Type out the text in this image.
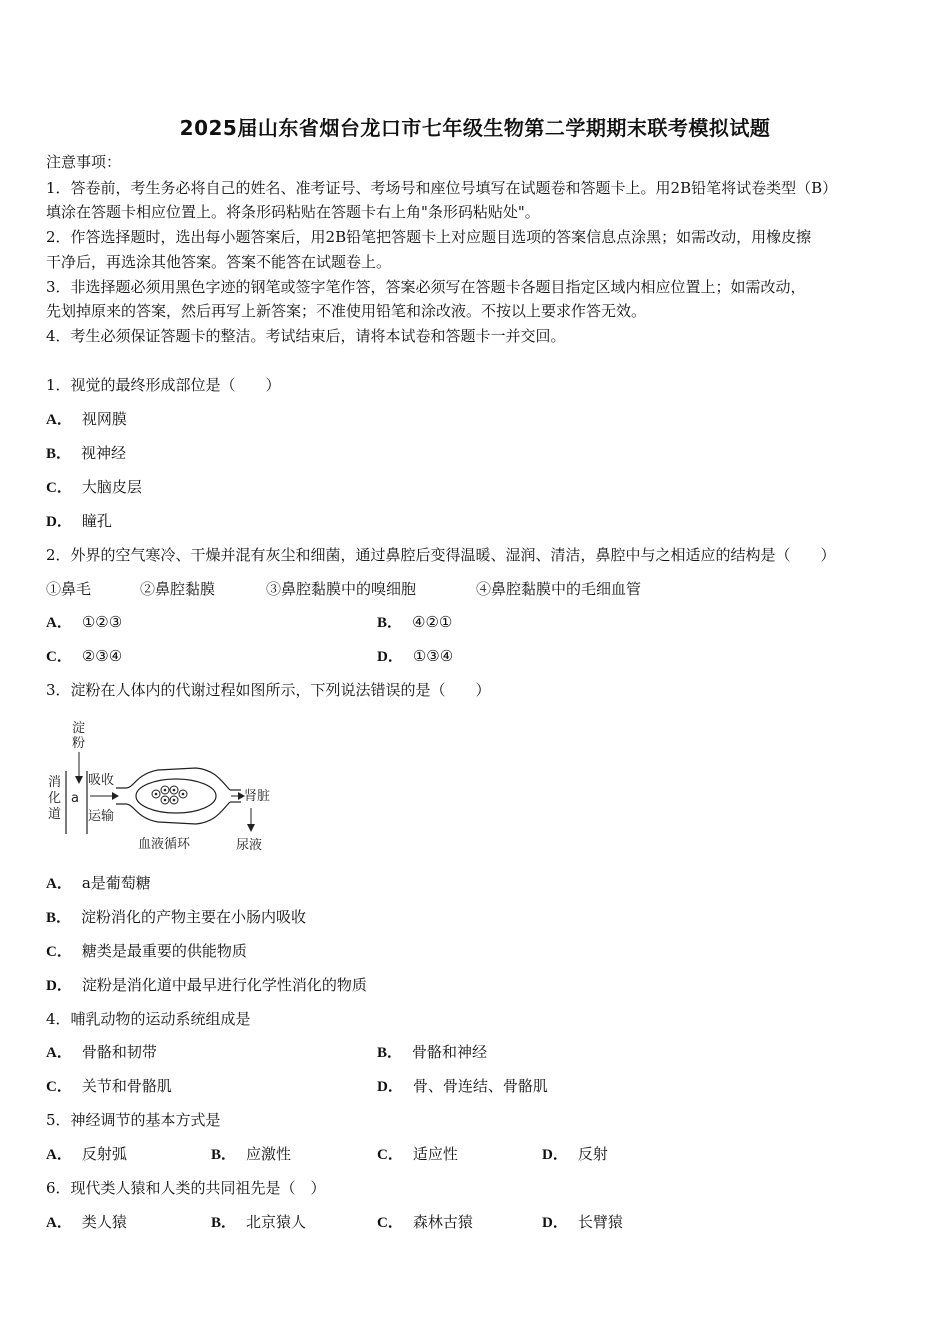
2025届山东省烟台龙口市七年级生物第二学期期末联考模拟试题
注意事项：
1．答卷前，考生务必将自己的姓名、准考证号、考场号和座位号填写在试题卷和答题卡上。用2B铅笔将试卷类型（B）
填涂在答题卡相应位置上。将条形码粘贴在答题卡右上角"条形码粘贴处"。
2．作答选择题时，选出每小题答案后，用2B铅笔把答题卡上对应题目选项的答案信息点涂黑；如需改动，用橡皮擦
干净后，再选涂其他答案。答案不能答在试题卷上。
3．非选择题必须用黑色字迹的钢笔或签字笔作答，答案必须写在答题卡各题目指定区域内相应位置上；如需改动，
先划掉原来的答案，然后再写上新答案；不准使用铅笔和涂改液。不按以上要求作答无效。
4．考生必须保证答题卡的整洁。考试结束后，请将本试卷和答题卡一并交回。
1．视觉的最终形成部位是（　　）
A． 视网膜
B． 视神经
C． 大脑皮层
D． 瞳孔
2．外界的空气寒冷、干燥并混有灰尘和细菌，通过鼻腔后变得温暖、湿润、清洁，鼻腔中与之相适应的结构是（　　）
①鼻毛	②鼻腔黏膜	③鼻腔黏膜中的嗅细胞	④鼻腔黏膜中的毛细血管
A． ①②③	B． ④②①
C． ②③④	D． ①③④
3．淀粉在人体内的代谢过程如图所示，下列说法错误的是（　　）
淀
粉
消
化
道
a
吸收
运输
肾脏
尿液
血液循环
A． a是葡萄糖
B． 淀粉消化的产物主要在小肠内吸收
C． 糖类是最重要的供能物质
D． 淀粉是消化道中最早进行化学性消化的物质
4．哺乳动物的运动系统组成是
A． 骨骼和韧带	B． 骨骼和神经
C． 关节和骨骼肌	D． 骨、骨连结、骨骼肌
5．神经调节的基本方式是
A． 反射弧	B． 应激性	C． 适应性	D． 反射
6．现代类人猿和人类的共同祖先是（　）
A． 类人猿	B． 北京猿人	C． 森林古猿	D． 长臂猿
